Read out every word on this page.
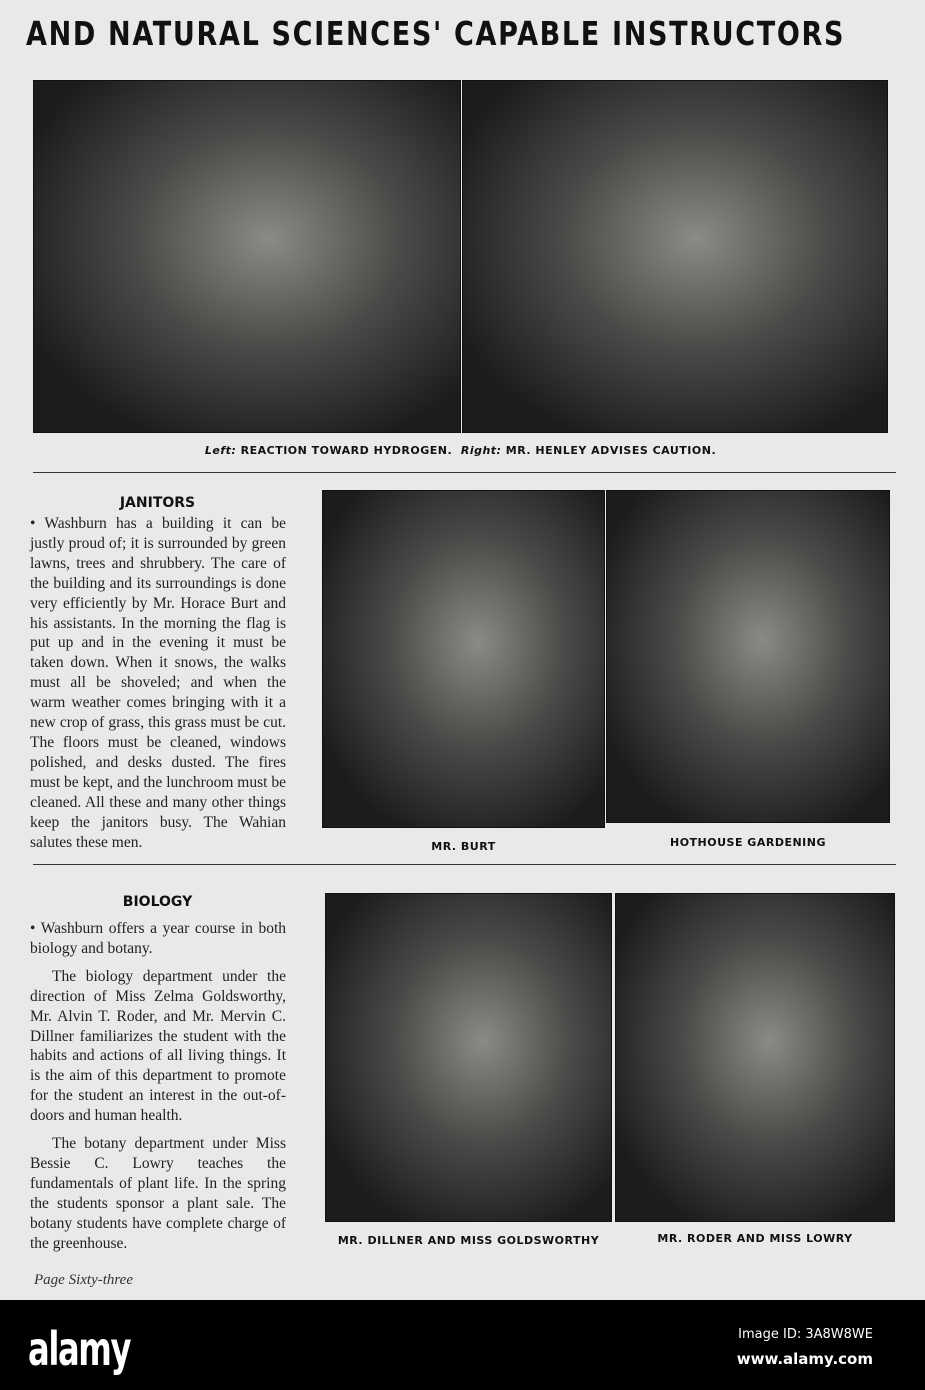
AND NATURAL SCIENCES' CAPABLE INSTRUCTORS
Left: REACTION TOWARD HYDROGEN. Right: MR. HENLEY ADVISES CAUTION.
JANITORS
• Washburn has a building it can be justly proud of; it is surrounded by green lawns, trees and shrubbery. The care of the building and its surroundings is done very efficiently by Mr. Horace Burt and his assistants. In the morning the flag is put up and in the evening it must be taken down. When it snows, the walks must all be shoveled; and when the warm weather comes bringing with it a new crop of grass, this grass must be cut. The floors must be cleaned, windows polished, and desks dusted. The fires must be kept, and the lunchroom must be cleaned. All these and many other things keep the janitors busy. The Wahian salutes these men.	MR. BURT	HOTHOUSE GARDENING
BIOLOGY

• Washburn offers a year course in both biology and botany.

The biology department under the direction of Miss Zelma Goldsworthy, Mr. Alvin T. Roder, and Mr. Mervin C. Dillner familiarizes the student with the habits and actions of all living things. It is the aim of this department to promote for the student an interest in the out-of-doors and human health.

The botany department under Miss Bessie C. Lowry teaches the fundamentals of plant life. In the spring the students sponsor a plant sale. The botany students have complete charge of the greenhouse.	MR. DILLNER AND MISS GOLDSWORTHY	MR. RODER AND MISS LOWRY
Page Sixty-three
alamy	Image ID: 3A8W8WE
www.alamy.com
